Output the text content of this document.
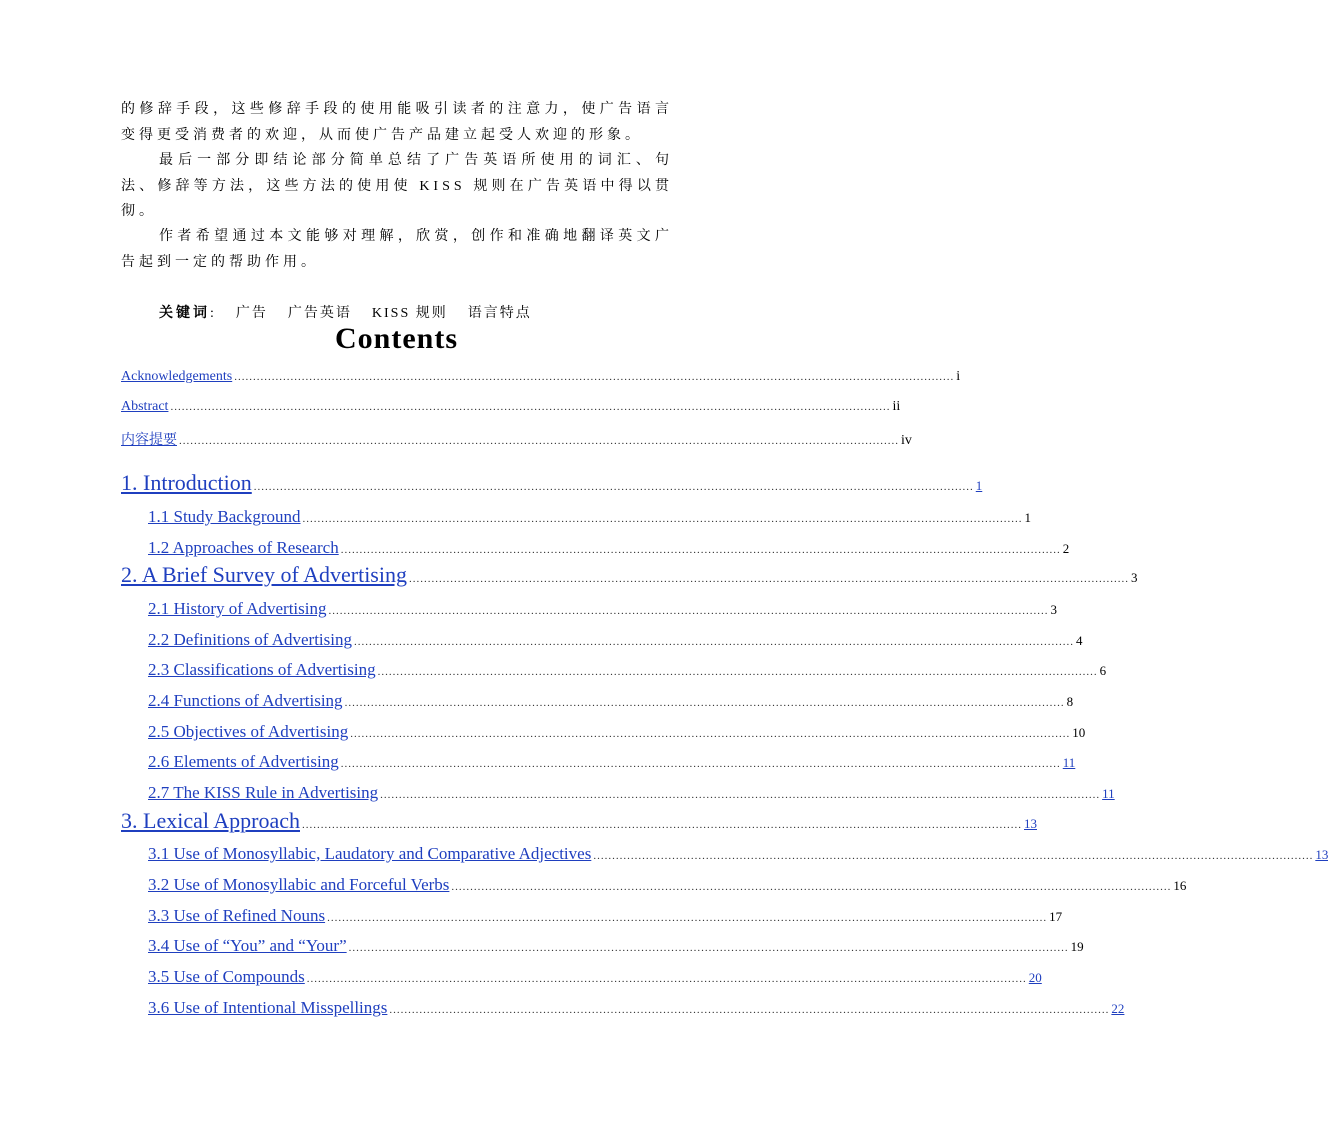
的修辞手段，这些修辞手段的使用能吸引读者的注意力，使广告语言变得更受消费者的欢迎，从而使广告产品建立起受人欢迎的形象。

最后一部分即结论部分简单总结了广告英语所使用的词汇、句法、修辞等方法，这些方法的使用使 KISS 规则在广告英语中得以贯彻。

作者希望通过本文能够对理解，欣赏，创作和准确地翻译英文广告起到一定的帮助作用。

关键词: 广告 广告英语 KISS 规则 语言特点
Contents
Acknowledgements ................................................................................................................................................................................................ i
Abstract ................................................................................................................................................................................................ ii
内容提要 ................................................................................................................................................................................................ iv
1. Introduction ................................................................................................................................................................................................ 1
1.1 Study Background ................................................................................................................................................................................................ 1
1.2 Approaches of Research ................................................................................................................................................................................................ 2
2. A Brief Survey of Advertising ................................................................................................................................................................................................ 3
2.1 History of Advertising ................................................................................................................................................................................................ 3
2.2 Definitions of Advertising ................................................................................................................................................................................................ 4
2.3 Classifications of Advertising ................................................................................................................................................................................................ 6
2.4 Functions of Advertising ................................................................................................................................................................................................ 8
2.5 Objectives of Advertising ................................................................................................................................................................................................ 10
2.6 Elements of Advertising ................................................................................................................................................................................................ 11
2.7 The KISS Rule in Advertising ................................................................................................................................................................................................ 11
3. Lexical Approach ................................................................................................................................................................................................ 13
3.1 Use of Monosyllabic, Laudatory and Comparative Adjectives ................................................................................................................................................................................................ 13
3.2 Use of Monosyllabic and Forceful Verbs ................................................................................................................................................................................................ 16
3.3 Use of Refined Nouns ................................................................................................................................................................................................ 17
3.4 Use of “You” and “Your” ................................................................................................................................................................................................ 19
3.5 Use of Compounds ................................................................................................................................................................................................ 20
3.6 Use of Intentional Misspellings ................................................................................................................................................................................................ 22
